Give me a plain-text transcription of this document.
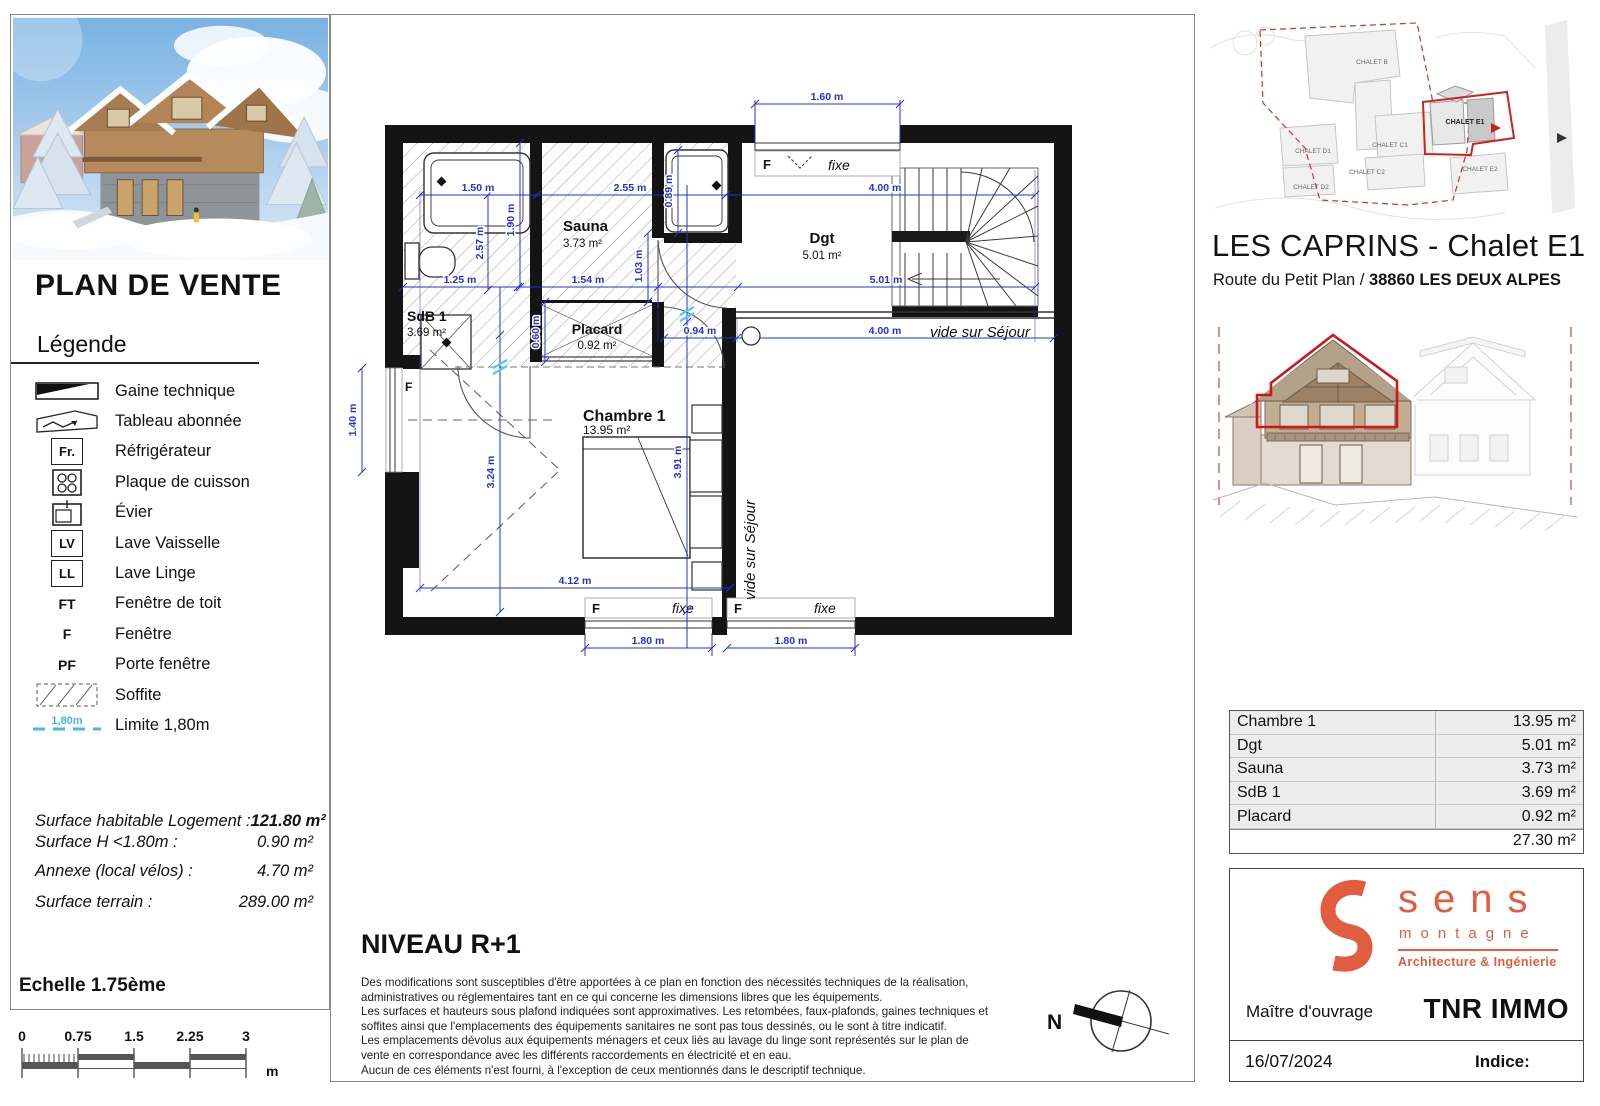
PLAN DE VENTE
Légende
Gaine technique
Tableau abonnée
Fr.	Réfrigérateur
Plaque de cuisson
Évier
LV	Lave Vaisselle
LL	Lave Linge
FT Fenêtre de toit
F	Fenêtre
PF Porte fenêtre
Soffite
1,80m Limite 1,80m
Surface habitable Logement : 121.80 m²
Surface H <1.80m :	0.90 m²
Annexe (local vélos) :	4.70 m²
Surface terrain :	289.00 m²
Echelle 1.75ème
0	0.75 1.5 2.25	3
m
F	fixe
F	fixe	F	fixe
F
1.60 m
1.50 m	2.55 m	4.00 m
1.25 m	1.54 m	5.01 m
0.94 m	4.00 m
4.12 m
1.80 m	1.80 m
1.90 m
2.57 m
0.89 m
1.03 m
0.60 m
1.40 m
3.24 m	3.91 m
Sauna
3.73 m²
SdB 1
3.69 m²	Placard
0.92 m²
Dgt
5.01 m²
Chambre 1
13.95 m²
vide sur Séjour
vide sur Séjour
NIVEAU R+1
Des modifications sont susceptibles d'être apportées à ce plan en fonction des nécessités techniques de la réalisation,
administratives ou réglementaires tant en ce qui concerne les dimensions libres que les équipements.
Les surfaces et hauteurs sous plafond indiquées sont approximatives. Les retombées, faux-plafonds, gaines techniques et
soffites ainsi que l'emplacements des équipements sanitaires ne sont pas tous dessinés, ou le sont à titre indicatif.
Les emplacements dévolus aux équipements ménagers et ceux liés au lavage du linge sont représentés sur le plan de
vente en correspondance avec les différents raccordements en électricité et en eau.
Aucun de ces éléments n'est fourni, à l'exception de ceux mentionnés dans le descriptif technique.
N
CHALET B
CHALET D1
CHALET D2
CHALET C1
CHALET C2
CHALET E1
CHALET E2
LES CAPRINS - Chalet E1
Route du Petit Plan / 38860 LES DEUX ALPES
Chambre 1	13.95 m²
Dgt	5.01 m²
Sauna	3.73 m²
SdB 1	3.69 m²
Placard	0.92 m²
27.30 m²
sens
montagne
Architecture & Ingénierie
Maître d'ouvrage TNR IMMO
16/07/2024	Indice:
